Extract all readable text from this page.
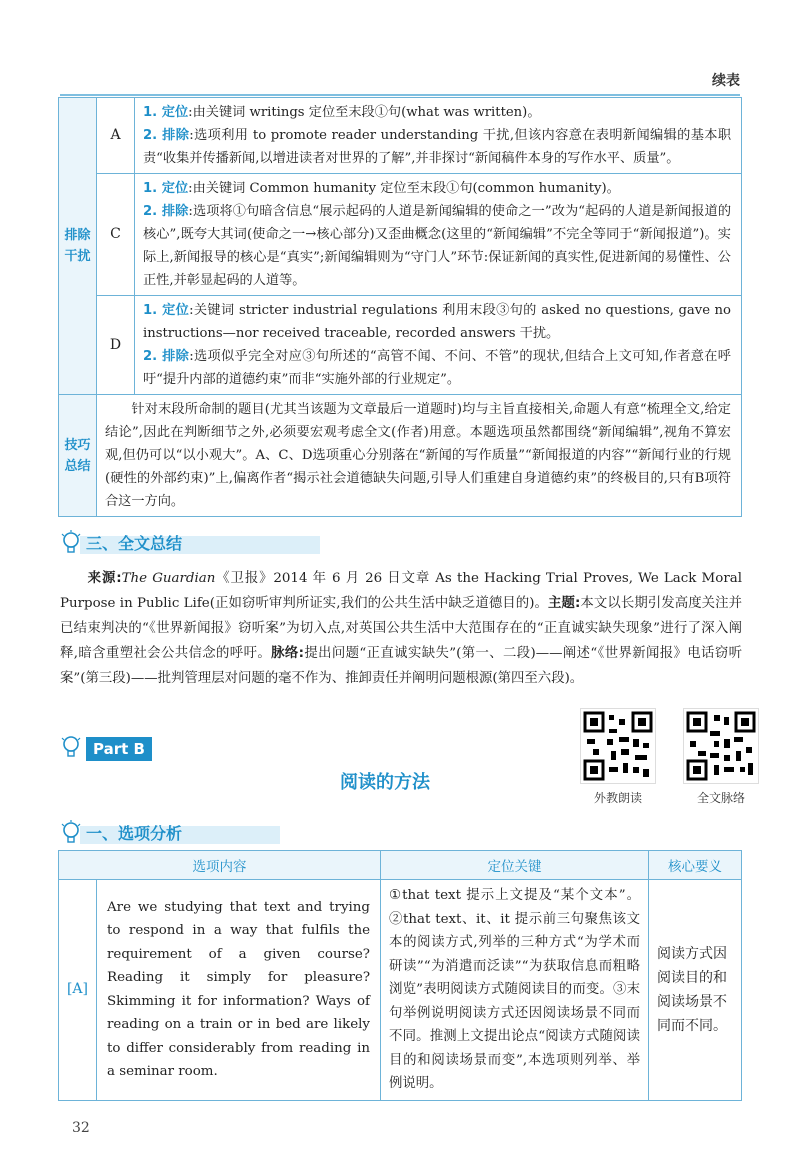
续表
排除干扰	A	1. 定位:由关键词 writings 定位至末段①句(what was written)。
2. 排除:选项利用 to promote reader understanding 干扰,但该内容意在表明新闻编辑的基本职责“收集并传播新闻,以增进读者对世界的了解”,并非探讨“新闻稿件本身的写作水平、质量”。

	C	1. 定位:由关键词 Common humanity 定位至末段①句(common humanity)。
2. 排除:选项将①句暗含信息“展示起码的人道是新闻编辑的使命之一”改为“起码的人道是新闻报道的核心”,既夸大其词(使命之一→核心部分)又歪曲概念(这里的“新闻编辑”不完全等同于“新闻报道”)。实际上,新闻报导的核心是“真实”;新闻编辑则为“守门人”环节:保证新闻的真实性,促进新闻的易懂性、公正性,并彰显起码的人道等。

	D	1. 定位:关键词 stricter industrial regulations 利用末段③句的 asked no questions, gave no instructions—nor received traceable, recorded answers 干扰。
2. 排除:选项似乎完全对应③句所述的“高管不闻、不问、不管”的现状,但结合上文可知,作者意在呼吁“提升内部的道德约束”而非“实施外部的行业规定”。

技巧总结	针对末段所命制的题目(尤其当该题为文章最后一道题时)均与主旨直接相关,命题人有意“梳理全文,给定结论”,因此在判断细节之外,必须要宏观考虑全文(作者)用意。本题选项虽然都围绕“新闻编辑”,视角不算宏观,但仍可以“以小观大”。A、C、D选项重心分别落在“新闻的写作质量”“新闻报道的内容”“新闻行业的行规(硬性的外部约束)”上,偏离作者“揭示社会道德缺失问题,引导人们重建自身道德约束”的终极目的,只有B项符合这一方向。	
三、全文总结
来源:The Guardian《卫报》2014 年 6 月 26 日文章 As the Hacking Trial Proves, We Lack Moral Purpose in Public Life(正如窃听审判所证实,我们的公共生活中缺乏道德目的)。主题:本文以长期引发高度关注并已结束判决的“《世界新闻报》窃听案”为切入点,对英国公共生活中大范围存在的“正直诚实缺失现象”进行了深入阐释,暗含重塑社会公共信念的呼吁。脉络:提出问题“正直诚实缺失”(第一、二段)——阐述“《世界新闻报》电话窃听案”(第三段)——批判管理层对问题的毫不作为、推卸责任并阐明问题根源(第四至六段)。
Part B
阅读的方法
外教朗读	全文脉络
一、选项分析
选项内容		定位关键	核心要义
[A]	Are we studying that text and trying to respond in a way that fulfils the requirement of a given course? Reading it simply for pleasure? Skimming it for information? Ways of reading on a train or in bed are likely to differ considerably from reading in a seminar room.	①that text 提示上文提及“某个文本”。②that text、it、it 提示前三句聚焦该文本的阅读方式,列举的三种方式“为学术而研读”“为消遣而泛读”“为获取信息而粗略浏览”表明阅读方式随阅读目的而变。③末句举例说明阅读方式还因阅读场景不同而不同。推测上文提出论点“阅读方式随阅读目的和阅读场景而变”,本选项则列举、举例说明。	阅读方式因阅读目的和阅读场景不同而不同。
32
